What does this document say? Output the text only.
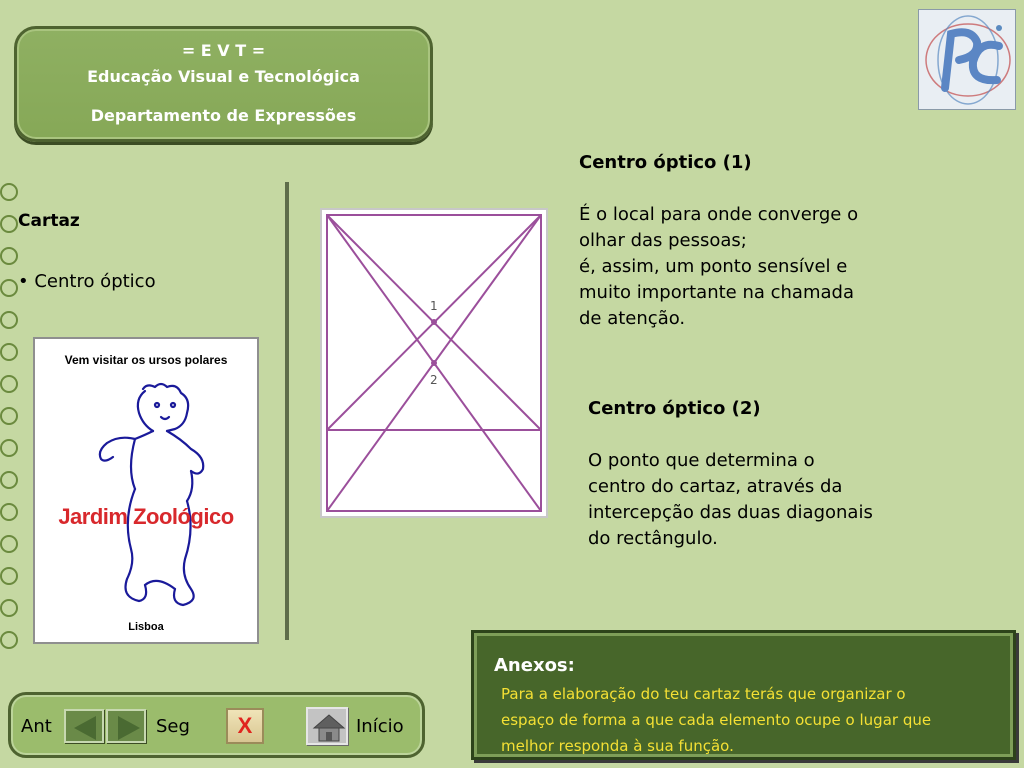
= E V T =
Educação Visual e Tecnológica
Departamento de Expressões
Cartaz
• Centro óptico
Vem visitar os ursos polares
Jardim Zoológico
Lisboa
1
2
Centro óptico (1)
É o local para onde converge o
olhar das pessoas;
é, assim, um ponto sensível e
muito importante na chamada
de atenção.
Centro óptico (2)
O ponto que determina o
centro do cartaz, através da
intercepção das duas diagonais
do rectângulo.
Anexos:
Para a elaboração do teu cartaz terás que organizar o
espaço de forma a que cada elemento ocupe o lugar que
melhor responda à sua função.
Ant	Seg	X	Início
